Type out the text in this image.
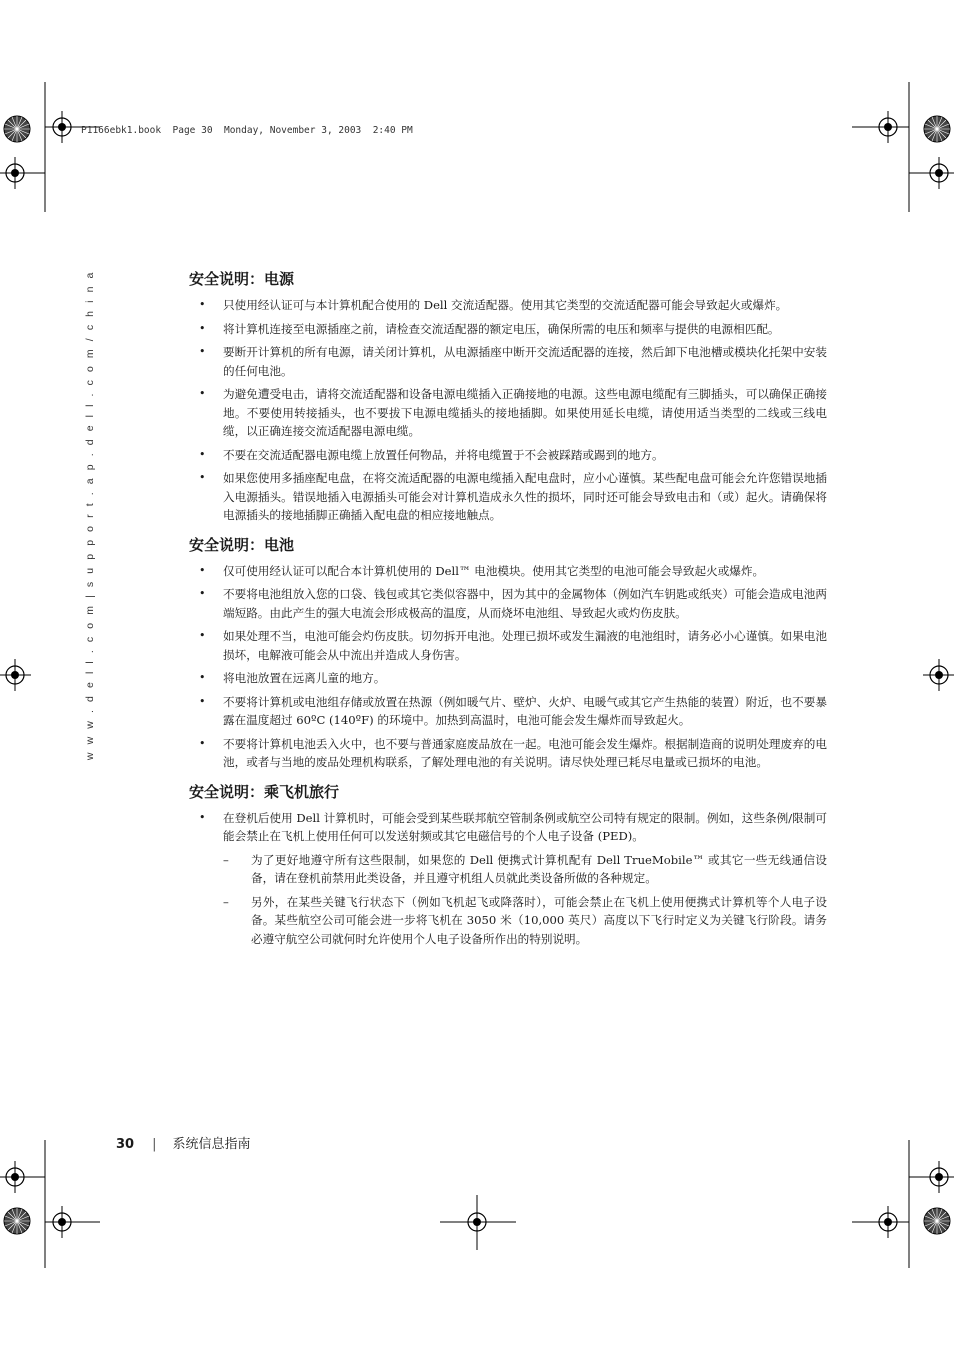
P1166ebk1.book  Page 30  Monday, November 3, 2003  2:40 PM
w w w . d e l l . c o m | s u p p o r t . a p . d e l l . c o m / c h i n a	安全说明：电源
• 只使用经认证可与本计算机配合使用的 Dell 交流适配器。使用其它类型的交流适配器可能会导致起火或爆炸。
• 将计算机连接至电源插座之前，请检查交流适配器的额定电压，确保所需的电压和频率与提供的电源相匹配。
• 要断开计算机的所有电源，请关闭计算机，从电源插座中断开交流适配器的连接，然后卸下电池槽或模块化托架中安装的任何电池。
• 为避免遭受电击，请将交流适配器和设备电源电缆插入正确接地的电源。这些电源电缆配有三脚插头，可以确保正确接地。不要使用转接插头，也不要拔下电源电缆插头的接地插脚。如果使用延长电缆，请使用适当类型的二线或三线电缆，以正确连接交流适配器电源电缆。
• 不要在交流适配器电源电缆上放置任何物品，并将电缆置于不会被踩踏或踢到的地方。
• 如果您使用多插座配电盘，在将交流适配器的电源电缆插入配电盘时，应小心谨慎。某些配电盘可能会允许您错误地插入电源插头。错误地插入电源插头可能会对计算机造成永久性的损坏，同时还可能会导致电击和（或）起火。请确保将电源插头的接地插脚正确插入配电盘的相应接地触点。
安全说明：电池
• 仅可使用经认证可以配合本计算机使用的 Dell™ 电池模块。使用其它类型的电池可能会导致起火或爆炸。
• 不要将电池组放入您的口袋、钱包或其它类似容器中，因为其中的金属物体（例如汽车钥匙或纸夹）可能会造成电池两端短路。由此产生的强大电流会形成极高的温度，从而烧坏电池组、导致起火或灼伤皮肤。
• 如果处理不当，电池可能会灼伤皮肤。切勿拆开电池。处理已损坏或发生漏液的电池组时，请务必小心谨慎。如果电池损坏，电解液可能会从中流出并造成人身伤害。
• 将电池放置在远离儿童的地方。
• 不要将计算机或电池组存储或放置在热源（例如暖气片、壁炉、火炉、电暖气或其它产生热能的装置）附近，也不要暴露在温度超过 60ºC (140ºF) 的环境中。加热到高温时，电池可能会发生爆炸而导致起火。
• 不要将计算机电池丢入火中，也不要与普通家庭废品放在一起。电池可能会发生爆炸。根据制造商的说明处理废弃的电池，或者与当地的废品处理机构联系，了解处理电池的有关说明。请尽快处理已耗尽电量或已损坏的电池。
安全说明：乘飞机旅行
• 在登机后使用 Dell 计算机时，可能会受到某些联邦航空管制条例或航空公司特有规定的限制。例如，这些条例/限制可能会禁止在飞机上使用任何可以发送射频或其它电磁信号的个人电子设备 (PED)。
– 为了更好地遵守所有这些限制，如果您的 Dell 便携式计算机配有 Dell TrueMobile™ 或其它一些无线通信设备，请在登机前禁用此类设备，并且遵守机组人员就此类设备所做的各种规定。
– 另外，在某些关键飞行状态下（例如飞机起飞或降落时），可能会禁止在飞机上使用便携式计算机等个人电子设备。某些航空公司可能会进一步将飞机在 3050 米（10,000 英尺）高度以下飞行时定义为关键飞行阶段。请务必遵守航空公司就何时允许使用个人电子设备所作出的特别说明。
30 | 系统信息指南
